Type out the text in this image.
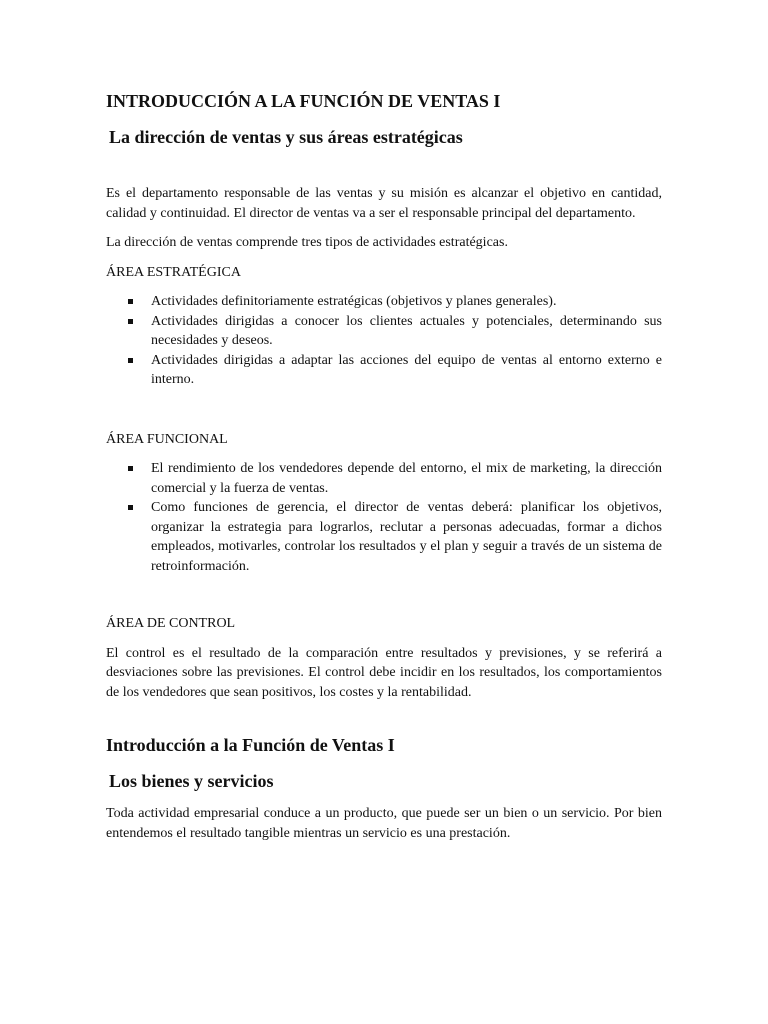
INTRODUCCIÓN A LA FUNCIÓN DE VENTAS I
La dirección de ventas y sus áreas estratégicas

Es el departamento responsable de las ventas y su misión es alcanzar el objetivo en cantidad, calidad y continuidad. El director de ventas va a ser el responsable principal del departamento.

La dirección de ventas comprende tres tipos de actividades estratégicas.

ÁREA ESTRATÉGICA

Actividades definitoriamente estratégicas (objetivos y planes generales).
Actividades dirigidas a conocer los clientes actuales y potenciales, determinando sus necesidades y deseos.
Actividades dirigidas a adaptar las acciones del equipo de ventas al entorno externo e interno.

ÁREA FUNCIONAL

El rendimiento de los vendedores depende del entorno, el mix de marketing, la dirección comercial y la fuerza de ventas.
Como funciones de gerencia, el director de ventas deberá: planificar los objetivos, organizar la estrategia para lograrlos, reclutar a personas adecuadas, formar a dichos empleados, motivarles, controlar los resultados y el plan y seguir a través de un sistema de retroinformación.

ÁREA DE CONTROL

El control es el resultado de la comparación entre resultados y previsiones, y se referirá a desviaciones sobre las previsiones. El control debe incidir en los resultados, los comportamientos de los vendedores que sean positivos, los costes y la rentabilidad.

Introducción a la Función de Ventas I
Los bienes y servicios

Toda actividad empresarial conduce a un producto, que puede ser un bien o un servicio. Por bien entendemos el resultado tangible mientras un servicio es una prestación.
